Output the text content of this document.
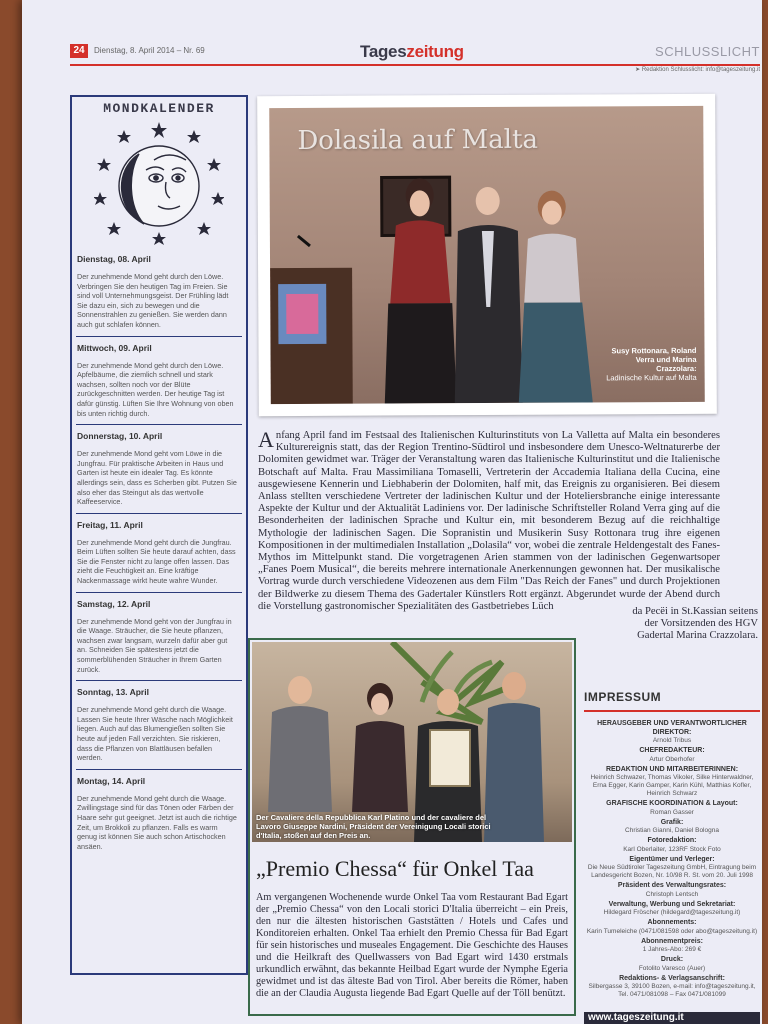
24	Dienstag, 8. April 2014 – Nr. 69	Tageszeitung	SCHLUSSLICHT
➤ Redaktion Schlusslicht: info@tageszeitung.it
MONDKALENDER
Dienstag, 08. April
Der zunehmende Mond geht durch den Löwe. Verbringen Sie den heutigen Tag im Freien. Sie sind voll Unternehmungsgeist. Der Frühling lädt Sie dazu ein, sich zu bewegen und die Sonnenstrahlen zu genießen. Sie werden dann auch gut schlafen können.
Mittwoch, 09. April
Der zunehmende Mond geht durch den Löwe. Apfelbäume, die ziemlich schnell und stark wachsen, sollten noch vor der Blüte zurückgeschnitten werden. Der heutige Tag ist dafür günstig. Lüften Sie Ihre Wohnung von oben bis unten richtig durch.
Donnerstag, 10. April
Der zunehmende Mond geht vom Löwe in die Jungfrau. Für praktische Arbeiten in Haus und Garten ist heute ein idealer Tag. Es könnte allerdings sein, dass es Scherben gibt. Putzen Sie also eher das Steingut als das wertvolle Kaffeeservice.
Freitag, 11. April
Der zunehmende Mond geht durch die Jungfrau. Beim Lüften sollten Sie heute darauf achten, dass Sie die Fenster nicht zu lange offen lassen. Das zieht die Feuchtigkeit an. Eine kräftige Nackenmassage wirkt heute wahre Wunder.
Samstag, 12. April
Der zunehmende Mond geht von der Jungfrau in die Waage. Sträucher, die Sie heute pflanzen, wachsen zwar langsam, wurzeln dafür aber gut an. Schneiden Sie spätestens jetzt die sommerblühenden Sträucher in Ihrem Garten zurück.
Sonntag, 13. April
Der zunehmende Mond geht durch die Waage. Lassen Sie heute Ihrer Wäsche nach Möglichkeit liegen. Auch auf das Blumengießen sollten Sie heute auf jeden Fall verzichten. Sie riskieren, dass die Pflanzen von Blattläusen befallen werden.
Montag, 14. April
Der zunehmende Mond geht durch die Waage. Zwillingstage sind für das Tönen oder Färben der Haare sehr gut geeignet. Jetzt ist auch die richtige Zeit, um Brokkoli zu pflanzen. Falls es warm genug ist können Sie auch schon Artischocken ansäen.
Dolasila auf Malta
Susy Rottonara, Roland Verra und Marina Crazzolara:
Ladinische Kultur auf Malta
Anfang April fand im Festsaal des Italienischen Kulturinstituts von La Valletta auf Malta ein besonderes Kulturereignis statt, das der Region Trentino-Südtirol und insbesondere dem Unesco-Weltnaturerbe der Dolomiten gewidmet war. Träger der Veranstaltung waren das Italienische Kulturinstitut und die Italienische Botschaft auf Malta. Frau Massimiliana Tomaselli, Vertreterin der Accademia Italiana della Cucina, eine ausgewiesene Kennerin und Liebhaberin der Dolomiten, half mit, das Ereignis zu organisieren. Bei diesem Anlass stellten verschiedene Vertreter der ladinischen Kultur und der Hoteliersbranche einige interessante Aspekte der Kultur und der Aktualität Ladiniens vor. Der ladinische Schriftsteller Roland Verra ging auf die Besonderheiten der ladinischen Sprache und Kultur ein, mit besonderem Bezug auf die reichhaltige Mythologie der ladinischen Sagen. Die Sopranistin und Musikerin Susy Rottonara trug ihre eigenen Kompositionen in der multimedialen Installation „Dolasila“ vor, wobei die zentrale Heldengestalt des Fanes-Mythos im Mittelpunkt stand. Die vorgetragenen Arien stammen von der ladinischen Gegenwartsoper „Fanes Poem Musical“, die bereits mehrere internationale Anerkennungen gewonnen hat. Der musikalische Vortrag wurde durch verschiedene Videozenen aus dem Film "Das Reich der Fanes" und durch Projektionen der Bildwerke zu diesem Thema des Gadertaler Künstlers Rott ergänzt. Abgerundet wurde der Abend durch die Vorstellung gastronomischer Spezialitäten des Gastbetriebes Lüch	da Pecëi in St.Kassian seitens der Vorsitzenden des HGV Gadertal Marina Crazzolara.
Der Cavaliere della Repubblica Karl Platino und der cavaliere del Lavoro Giuseppe Nardini, Präsident der Vereinigung Locali storici d'Italia, stoßen auf den Preis an.
„Premio Chessa“ für Onkel Taa
Am vergangenen Wochenende wurde Onkel Taa vom Restaurant Bad Egart der „Premio Chessa“ von den Locali storici D'Italia überreicht – ein Preis, den nur die ältesten historischen Gaststätten / Hotels und Cafes und Konditoreien erhalten. Onkel Taa erhielt den Premio Chessa für Bad Egart für sein historisches und museales Engagement. Die Geschichte des Hauses und die Heilkraft des Quellwassers von Bad Egart wird 1430 erstmals urkundlich erwähnt, das bekannte Heilbad Egart wurde der Nymphe Egeria gewidmet und ist das älteste Bad von Tirol. Aber bereits die Römer, haben die an der Claudia Augusta liegende Bad Egart Quelle auf der Töll benützt.
IMPRESSUM
HERAUSGEBER UND VERANTWORTLICHER DIREKTOR:
Arnold Tribus
CHEFREDAKTEUR:
Artur Oberhofer
REDAKTION UND MITARBEITERINNEN:
Heinrich Schwazer, Thomas Vikoler, Silke Hinterwaldner, Erna Egger, Karin Gamper, Karin Kühl, Matthias Kofler, Heinrich Schwarz
GRAFISCHE KOORDINATION & Layout:
Roman Gasser
Grafik:
Christian Gianni, Daniel Bologna
Fotoredaktion:
Karl Oberlaiter, 123RF Stock Foto
Eigentümer und Verleger:
Die Neue Südtiroler Tageszeitung GmbH, Eintragung beim Landesgericht Bozen, Nr. 10/98 R. St. vom 20. Juli 1998
Präsident des Verwaltungsrates:
Christoph Lentsch
Verwaltung, Werbung und Sekretariat:
Hildegard Fröscher (hildegard@tageszeitung.it)
Abonnements:
Karin Tumeleiche (0471/081598 oder abo@tageszeitung.it)
Abonnementpreis:
1 Jahres-Abo: 269 €
Druck:
Fotolito Varesco (Auer)
Redaktions- & Verlagsanschrift:
Silbergasse 3, 39100 Bozen, e-mail: info@tageszeitung.it, Tel. 0471/081098 – Fax 0471/081099
www.tageszeitung.it
